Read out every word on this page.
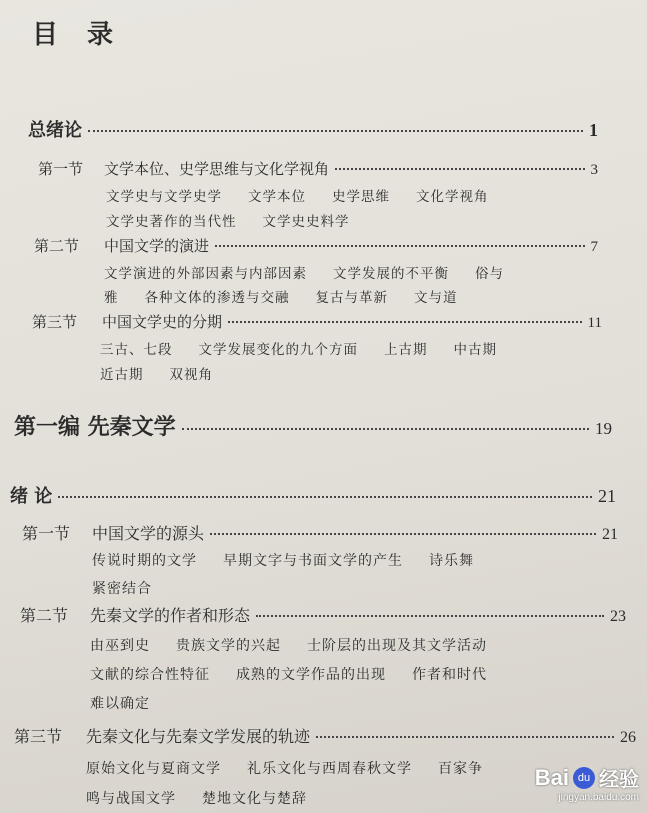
目 录
总绪论	1
第一节	文学本位、史学思维与文化学视角	3
文学史与文学史学 文学本位 史学思维 文化学视角
文学史著作的当代性 文学史史料学
第二节	中国文学的演进	7
文学演进的外部因素与内部因素 文学发展的不平衡 俗与
雅 各种文体的渗透与交融 复古与革新 文与道
第三节	中国文学史的分期	11
三古、七段 文学发展变化的九个方面 上古期 中古期
近古期 双视角
第一编 先秦文学	19
绪 论	21
第一节	中国文学的源头	21
传说时期的文学 早期文字与书面文学的产生 诗乐舞
紧密结合
第二节	先秦文学的作者和形态	23
由巫到史 贵族文学的兴起 士阶层的出现及其文学活动
文献的综合性特征 成熟的文学作品的出现 作者和时代
难以确定
第三节	先秦文化与先秦文学发展的轨迹	26
原始文化与夏商文学 礼乐文化与西周春秋文学 百家争
鸣与战国文学 楚地文化与楚辞
Bai du 经验
jingyan.baidu.com
